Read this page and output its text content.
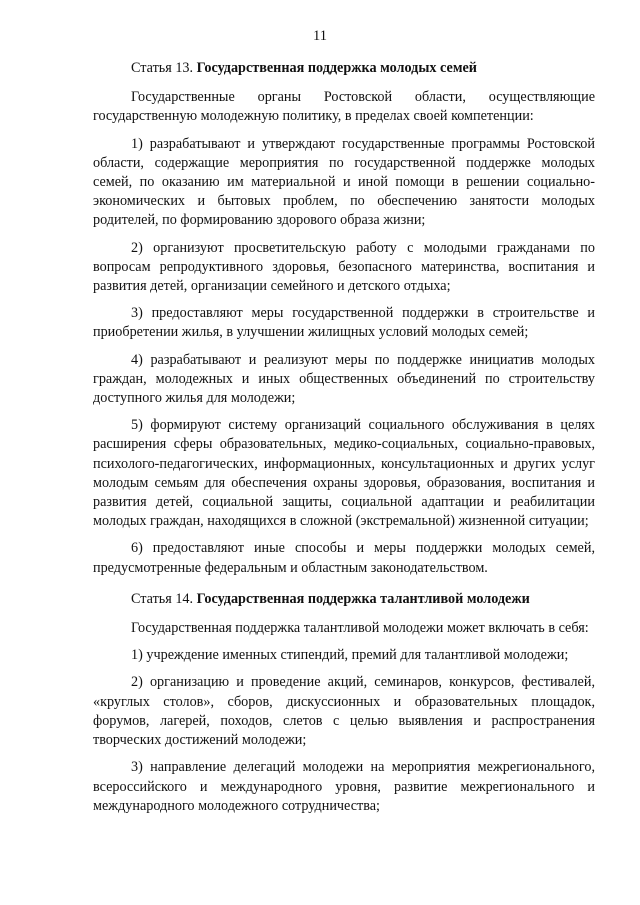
11
Статья 13. Государственная поддержка молодых семей

Государственные органы Ростовской области, осуществляющие государственную молодежную политику, в пределах своей компетенции:

1) разрабатывают и утверждают государственные программы Ростовской области, содержащие мероприятия по государственной поддержке молодых семей, по оказанию им материальной и иной помощи в решении социально-экономических и бытовых проблем, по обеспечению занятости молодых родителей, по формированию здорового образа жизни;

2) организуют просветительскую работу с молодыми гражданами по вопросам репродуктивного здоровья, безопасного материнства, воспитания и развития детей, организации семейного и детского отдыха;

3) предоставляют меры государственной поддержки в строительстве и приобретении жилья, в улучшении жилищных условий молодых семей;

4) разрабатывают и реализуют меры по поддержке инициатив молодых граждан, молодежных и иных общественных объединений по строительству доступного жилья для молодежи;

5) формируют систему организаций социального обслуживания в целях расширения сферы образовательных, медико-социальных, социально-правовых, психолого-педагогических, информационных, консультационных и других услуг молодым семьям для обеспечения охраны здоровья, образования, воспитания и развития детей, социальной защиты, социальной адаптации и реабилитации молодых граждан, находящихся в сложной (экстремальной) жизненной ситуации;

6) предоставляют иные способы и меры поддержки молодых семей, предусмотренные федеральным и областным законодательством.

Статья 14. Государственная поддержка талантливой молодежи

Государственная поддержка талантливой молодежи может включать в себя:

1) учреждение именных стипендий, премий для талантливой молодежи;

2) организацию и проведение акций, семинаров, конкурсов, фестивалей, «круглых столов», сборов, дискуссионных и образовательных площадок, форумов, лагерей, походов, слетов с целью выявления и распространения творческих достижений молодежи;

3) направление делегаций молодежи на мероприятия межрегионального, всероссийского и международного уровня, развитие межрегионального и международного молодежного сотрудничества;
